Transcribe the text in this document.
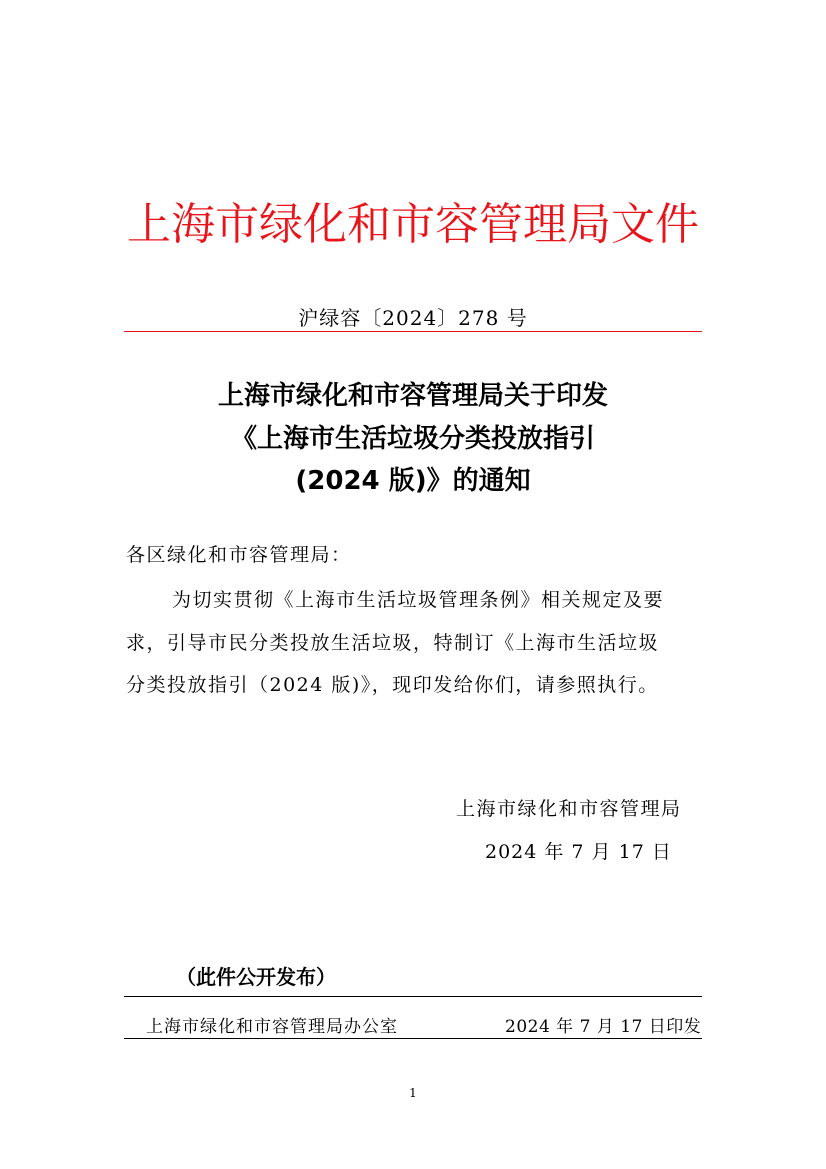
上海市绿化和市容管理局文件
沪绿容〔2024〕278 号
上海市绿化和市容管理局关于印发
《上海市生活垃圾分类投放指引
(2024 版)》的通知
各区绿化和市容管理局：
为切实贯彻《上海市生活垃圾管理条例》相关规定及要
求，引导市民分类投放生活垃圾，特制订《上海市生活垃圾
分类投放指引（2024 版)》，现印发给你们，请参照执行。
上海市绿化和市容管理局
2024 年 7 月 17 日
（此件公开发布）
上海市绿化和市容管理局办公室	2024 年 7 月 17 日印发
1
